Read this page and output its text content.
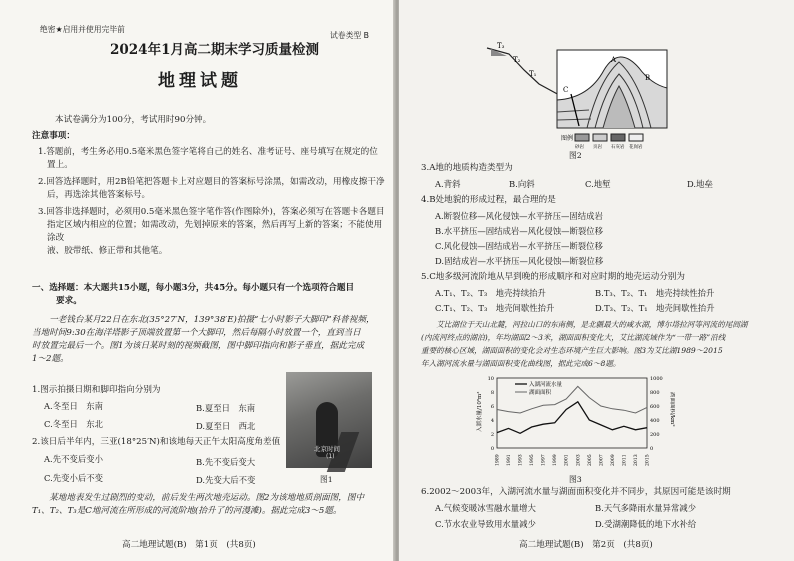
绝密★启用并使用完毕前
试卷类型 B
2024年1月高二期末学习质量检测
地理试题
本试卷满分为100分，考试用时90分钟。
注意事项：
1.答题前，考生务必用0.5毫米黑色签字笔将自己的姓名、准考证号、座号填写在规定的位
置上。
2.回答选择题时，用2B铅笔把答题卡上对应题目的答案标号涂黑，如需改动，用橡皮擦干净
后，再选涂其他答案标号。
3.回答非选择题时，必须用0.5毫米黑色签字笔作答(作图除外)，答案必须写在答题卡各题目
指定区域内相应的位置；如需改动，先划掉原来的答案，然后再写上新的答案；不能使用涂改
液、胶带纸、修正带和其他笔。
一、选择题：本大题共15小题，每小题3分，共45分。每小题只有一个选项符合题目
要求。
一老钱台某月22日在东北(35°27′N，139°38′E)拍摄“七小时影子大脚印”科普视频，
当地时间9:30在海洋塔影子顶端放置第一个大脚印，然后每隔小时放置一个，直到当日
时放置完最后一个。图1为该日某时刻的视频截图，图中脚印指向和影子垂直，据此完成
1～2题。
1.图示拍摄日期和脚印指向分别为
A.冬至日　东南	B.夏至日　东南
C.冬至日　东北	D.夏至日　西北
2.该日后半年内，三亚(18°25′N)和该地每天正午太阳高度角差值
A.先不变后变小	B.先不变后变大
C.先变小后不变	D.先变大后不变
北京时间
(1)
图1
某地地表发生过剧烈的变动，前后发生两次地壳运动。图2为该地地质剖面图，图中
T₁、T₂、T₃是C地河流在所形成的河流阶地(抬升了的河漫滩)。据此完成3～5题。
高二地理试题(B)　第1页　(共8页)
T₃
T₂
T₁
C
A
B
图例
砂岩 页岩 石灰岩 花岗岩
图2
3.A地的地质构造类型为
A.背斜	B.向斜	C.地堑	D.地垒
4.B处地貌的形成过程，最合理的是
A.断裂位移—风化侵蚀—水平挤压—固结成岩
B.水平挤压—固结成岩—风化侵蚀—断裂位移
C.风化侵蚀—固结成岩—水平挤压—断裂位移
D.固结成岩—水平挤压—风化侵蚀—断裂位移
5.C地多级河流阶地从早到晚的形成顺序和对应时期的地壳运动分别为
A.T₁、T₂、T₃　地壳持续抬升	B.T₃、T₂、T₁　地壳持续性抬升
C.T₁、T₂、T₃　地壳间歇性抬升	D.T₃、T₂、T₁　地壳间歇性抬升
艾比湖位于天山北麓，河拉山口的东南侧，是北疆最大的咸水湖，博尔塔拉河等河流的尾闾湖
(内流河终点的湖泊)，年均湖面2～3米，湖面面积变化大，艾比湖流域作为“一带一路”沿线
重要的核心区域，湖面面积的变化会对生态环境产生巨大影响。图3为艾比湖1989～2015
年入湖河流水量与湖面面积变化曲线图，据此完成6～8题。
0
2
4
6
8
10
0
200
400
600
800
1000
1989 1991 1993 1995 1997 1999 2001 2003 2005 2007 2009 2011 2013 2015
入湖河流水量
湖面面积
入湖水量/10⁸m³	湖面面积/km²
图3
6.2002～2003年，入湖河流水量与湖面面积变化并不同步，其原因可能是该时期
A.气候变暖冰雪融水量增大	B.天气多降雨水量异常减少
C.节水农业导致用水量减少	D.受湖潮降低的地下水补给
高二地理试题(B)　第2页　(共8页)
